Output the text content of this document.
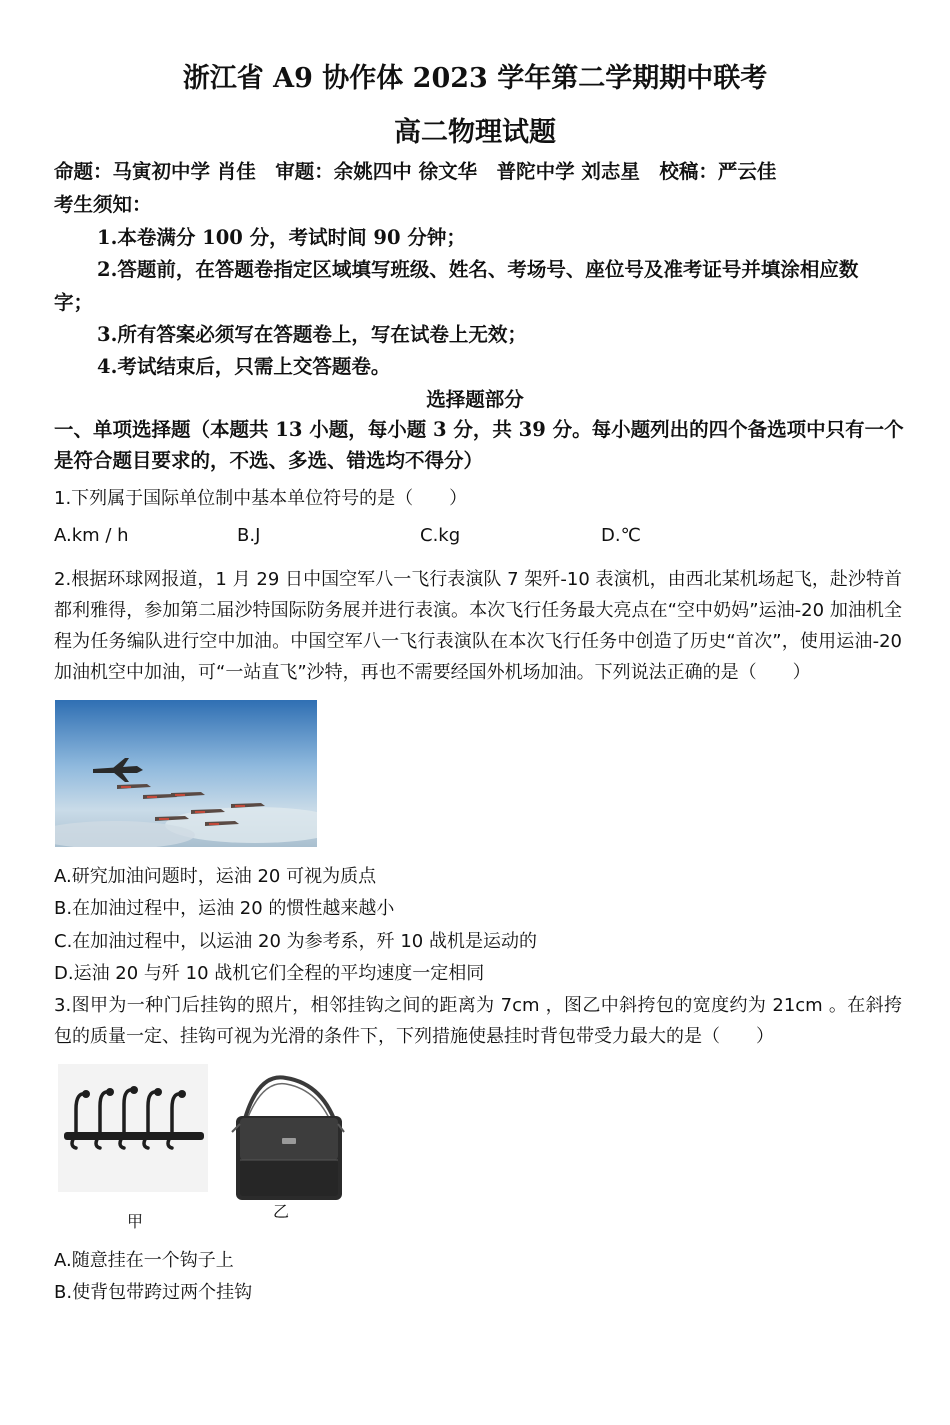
浙江省 A9 协作体 2023 学年第二学期期中联考
高二物理试题
命题：马寅初中学 肖佳　审题：余姚四中 徐文华　普陀中学 刘志星　校稿：严云佳
考生须知：
1.本卷满分 100 分，考试时间 90 分钟；
2.答题前，在答题卷指定区域填写班级、姓名、考场号、座位号及准考证号并填涂相应数
字；
3.所有答案必须写在答题卷上，写在试卷上无效；
4.考试结束后，只需上交答题卷。
选择题部分
一、单项选择题（本题共 13 小题，每小题 3 分，共 39 分。每小题列出的四个备选项中只有一个是符合题目要求的，不选、多选、错选均不得分）
1.下列属于国际单位制中基本单位符号的是（　　）
A.km / h	B.J	C.kg	D.℃
2.根据环球网报道，1 月 29 日中国空军八一飞行表演队 7 架歼-10 表演机，由西北某机场起飞，赴沙特首都利雅得，参加第二届沙特国际防务展并进行表演。本次飞行任务最大亮点在“空中奶妈”运油-20 加油机全程为任务编队进行空中加油。中国空军八一飞行表演队在本次飞行任务中创造了历史“首次”，使用运油-20 加油机空中加油，可“一站直飞”沙特，再也不需要经国外机场加油。下列说法正确的是（　　）
A.研究加油问题时，运油 20 可视为质点
B.在加油过程中，运油 20 的惯性越来越小
C.在加油过程中，以运油 20 为参考系，歼 10 战机是运动的
D.运油 20 与歼 10 战机它们全程的平均速度一定相同
3.图甲为一种门后挂钩的照片，相邻挂钩之间的距离为 7cm ，图乙中斜挎包的宽度约为 21cm 。在斜挎包的质量一定、挂钩可视为光滑的条件下，下列措施使悬挂时背包带受力最大的是（　　）
甲
乙
A.随意挂在一个钩子上
B.使背包带跨过两个挂钩
